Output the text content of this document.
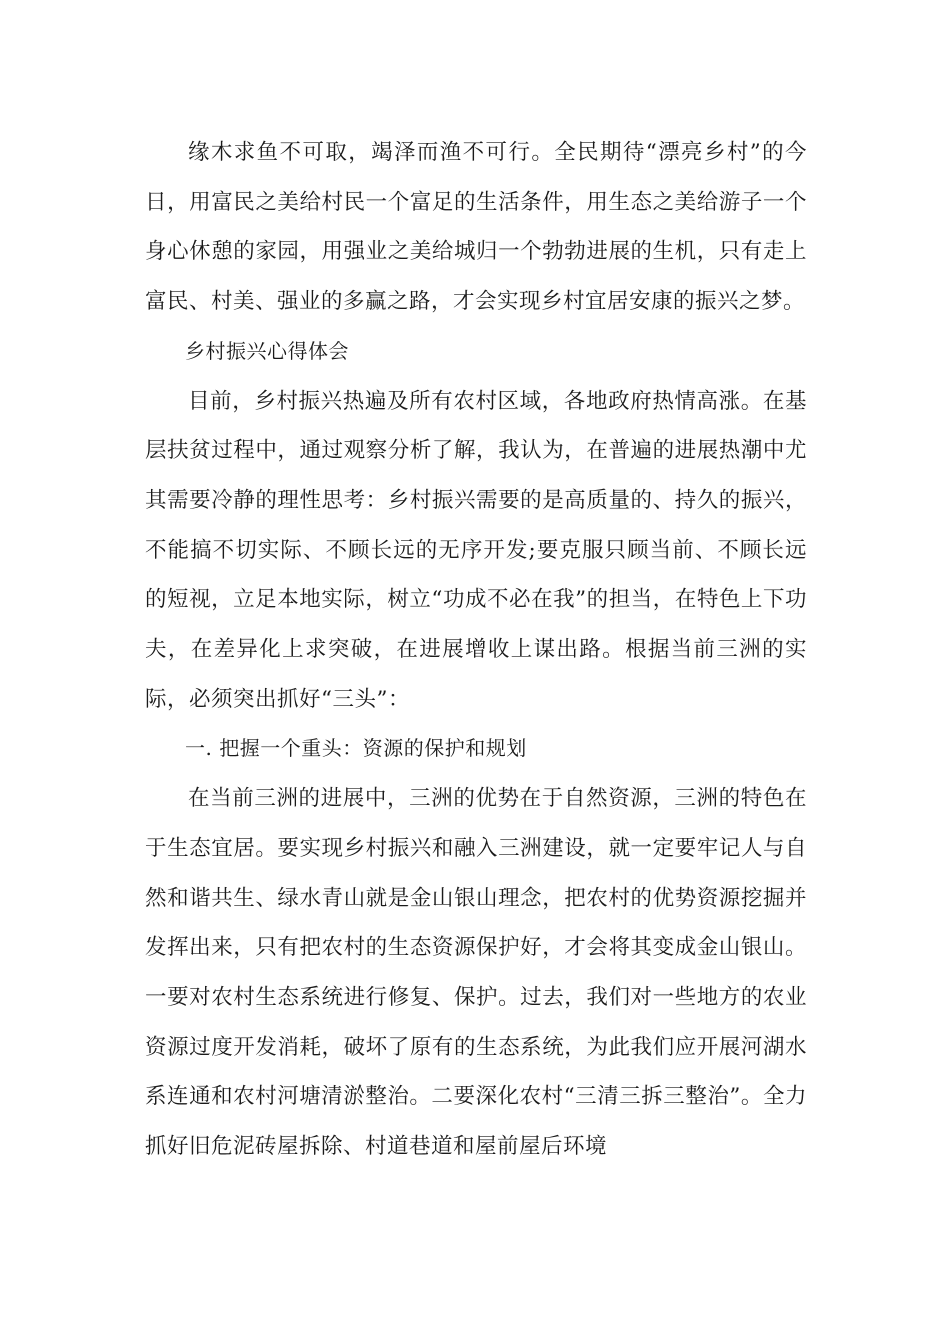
缘木求鱼不可取，竭泽而渔不可行。全民期待“漂亮乡村”的今日，用富民之美给村民一个富足的生活条件，用生态之美给游子一个身心休憩的家园，用强业之美给城归一个勃勃进展的生机，只有走上富民、村美、强业的多赢之路，才会实现乡村宜居安康的振兴之梦。

乡村振兴心得体会

目前，乡村振兴热遍及所有农村区域，各地政府热情高涨。在基层扶贫过程中，通过观察分析了解，我认为，在普遍的进展热潮中尤其需要冷静的理性思考：乡村振兴需要的是高质量的、持久的振兴，不能搞不切实际、不顾长远的无序开发;要克服只顾当前、不顾长远的短视，立足本地实际，树立“功成不必在我”的担当，在特色上下功夫，在差异化上求突破，在进展增收上谋出路。根据当前三洲的实际，必须突出抓好“三头”：

一. 把握一个重头：资源的保护和规划

在当前三洲的进展中，三洲的优势在于自然资源，三洲的特色在于生态宜居。要实现乡村振兴和融入三洲建设，就一定要牢记人与自然和谐共生、绿水青山就是金山银山理念，把农村的优势资源挖掘并发挥出来，只有把农村的生态资源保护好，才会将其变成金山银山。一要对农村生态系统进行修复、保护。过去，我们对一些地方的农业资源过度开发消耗，破坏了原有的生态系统，为此我们应开展河湖水系连通和农村河塘清淤整治。二要深化农村“三清三拆三整治”。全力抓好旧危泥砖屋拆除、村道巷道和屋前屋后环境
